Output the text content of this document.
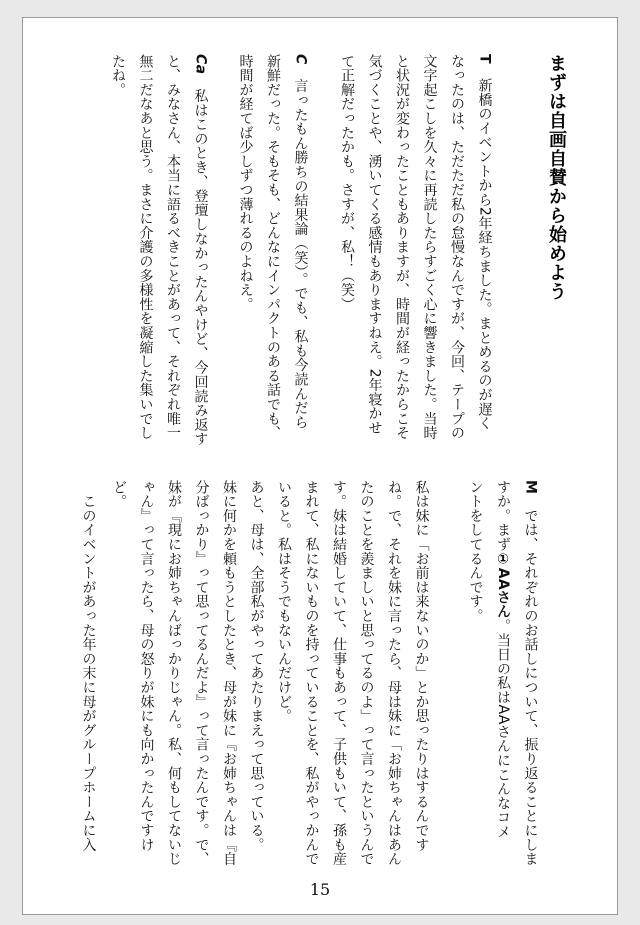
まずは自画自賛から始めよう

T　新橋のイベントから2年経ちました。まとめるのが遅く
なったのは、ただただ私の怠慢なんですが、今回、テープの
文字起こしを久々に再読したらすごく心に響きました。当時
と状況が変わったこともありますが、時間が経ったからこそ
気づくことや、湧いてくる感情もありますねえ。2年寝かせ
て正解だったかも。さすが、私！（笑）

C　言ったもん勝ちの結果論（笑）。でも、私も今読んだら
新鮮だった。そもそも、どんなにインパクトのある話でも、
時間が経てば少しずつ薄れるのよねえ。

Ca　私はこのとき、登壇しなかったんやけど、今回読み返す
と、みなさん、本当に語るべきことがあって、それぞれ唯一
無二だなあと思う。まさに介護の多様性を凝縮した集いでし
たね。

M　では、それぞれのお話しについて、振り返ることにしま
すか。まず①AAさん。当日の私はAAさんにこんなコメ
ントをしてるんです。

私は妹に「お前は来ないのか」とか思ったりはするんです
ね。で、それを妹に言ったら、母は妹に「お姉ちゃんはあん
たのことを羨ましいと思ってるのよ」って言ったというんで
す。妹は結婚していて、仕事もあって、子供もいて、孫も産
まれて、私にないものを持っていることを、私がやっかんで
いると。私はそうでもないんだけど。
あと、母は、全部私がやってあたりまえって思っている。
妹に何かを頼もうとしたとき、母が妹に『お姉ちゃんは『自
分ばっかり』って思ってるんだよ』って言ったんです。で、
妹が『現にお姉ちゃんばっかりじゃん。私、何もしてないじ
ゃん』って言ったら、母の怒りが妹にも向かったんですけど。

　このイベントがあった年の末に母がグループホームに入

15
